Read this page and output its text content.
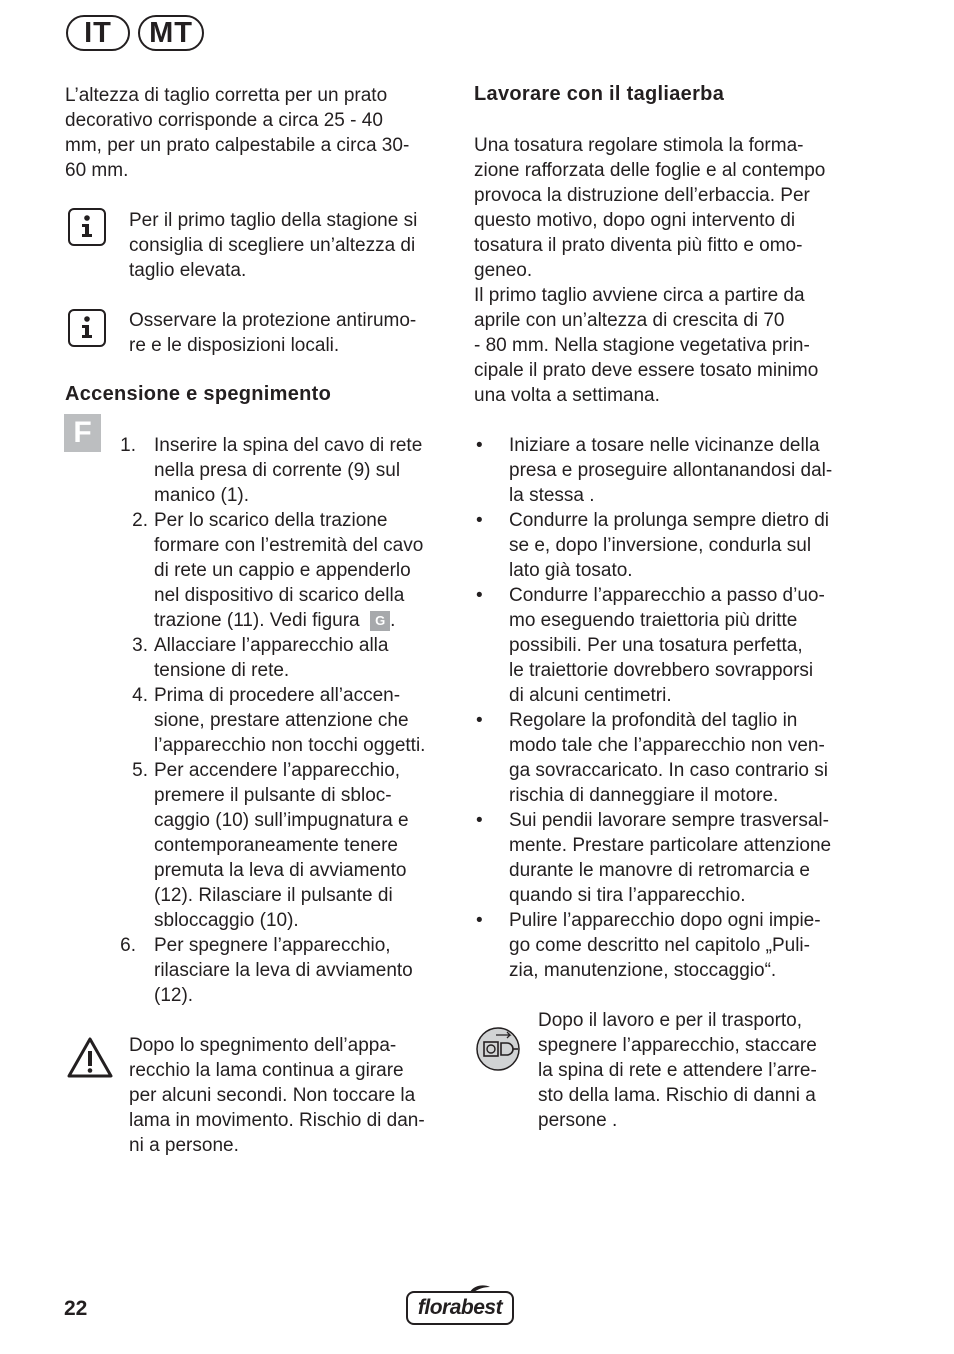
IT	MT

L’altezza di taglio corretta per un prato

decorativo corrisponde a circa 25 - 40

mm, per un prato calpestabile a circa 30-

60 mm.

Per il primo taglio della stagione si

consiglia di scegliere un’altezza di

taglio elevata.

Osservare la protezione antirumo-

re e le disposizioni locali.

Accensione e spegnimento
F	1. Inserire la spina del cavo di rete
nella presa di corrente (9) sul
manico (1).
2. Per lo scarico della trazione
formare con l’estremità del cavo
di rete un cappio e appenderlo
nel dispositivo di scarico della
trazione (11). Vedi figura G .
3. Allacciare l’apparecchio alla
tensione di rete.
4. Prima di procedere all’accen-
sione, prestare attenzione che
l’apparecchio non tocchi oggetti.
5. Per accendere l’apparecchio,
premere il pulsante di sbloc-
caggio (10) sull’impugnatura e
contemporaneamente tenere
premuta la leva di avviamento
(12). Rilasciare il pulsante di
sbloccaggio (10).
6. Per spegnere l’apparecchio,
rilasciare la leva di avviamento
(12).

Dopo lo spegnimento dell’appa-

recchio la lama continua a girare

per alcuni secondi. Non toccare la

lama in movimento. Rischio di dan-

ni a persone.

Lavorare con il tagliaerba

Una tosatura regolare stimola la forma-

zione rafforzata delle foglie e al contempo

provoca la distruzione dell’erbaccia. Per

questo motivo, dopo ogni intervento di

tosatura il prato diventa più fitto e omo-

geneo.

Il primo taglio avviene circa a partire da

aprile con un’altezza di crescita di 70

- 80 mm. Nella stagione vegetativa prin-

cipale il prato deve essere tosato minimo

una volta a settimana.

• Iniziare a tosare nelle vicinanze della
presa e proseguire allontanandosi dal-
la stessa .
• Condurre la prolunga sempre dietro di
se e, dopo l’inversione, condurla sul
lato già tosato.
• Condurre l’apparecchio a passo d’uo-
mo eseguendo traiettoria più dritte
possibili. Per una tosatura perfetta,
le traiettorie dovrebbero sovrapporsi
di alcuni centimetri.
• Regolare la profondità del taglio in
modo tale che l’apparecchio non ven-
ga sovraccaricato. In caso contrario si
rischia di danneggiare il motore.
• Sui pendii lavorare sempre trasversal-
mente. Prestare particolare attenzione
durante le manovre di retromarcia e
quando si tira l’apparecchio.
• Pulire l’apparecchio dopo ogni impie-
go come descritto nel capitolo „Puli-
zia, manutenzione, stoccaggio“.

Dopo il lavoro e per il trasporto,

spegnere l’apparecchio, staccare

la spina di rete e attendere l’arre-

sto della lama. Rischio di danni a

persone .

22	florabest
